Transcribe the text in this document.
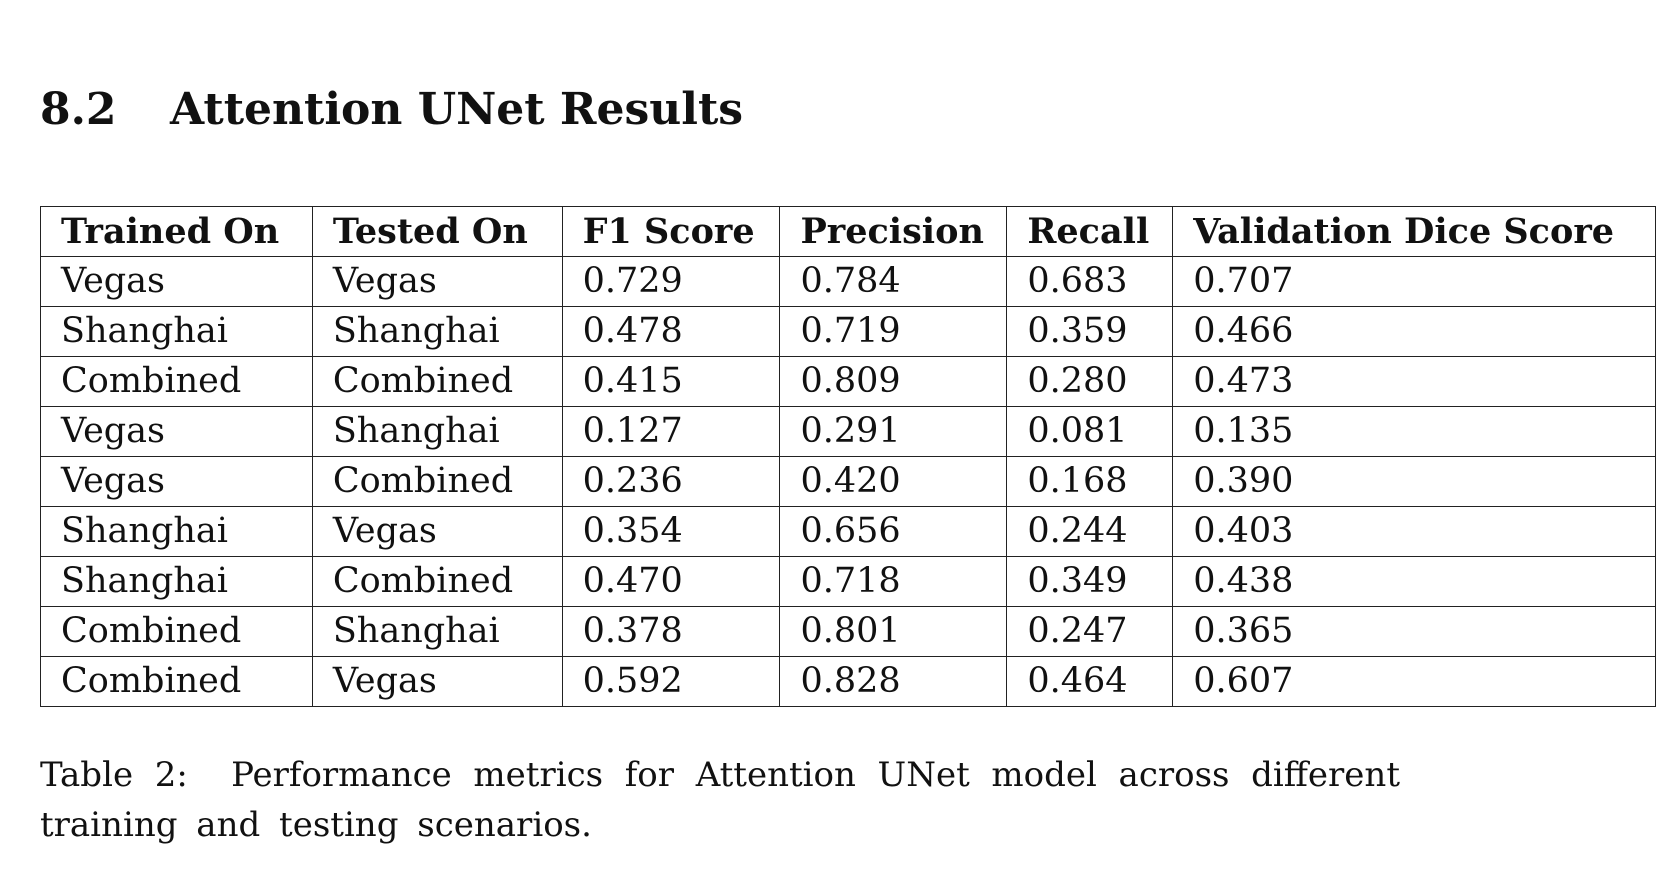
8.2 Attention UNet Results
Trained On	Tested On	F1 Score	Precision	Recall	Validation Dice Score
Vegas	Vegas	0.729	0.784	0.683	0.707
Shanghai	Shanghai	0.478	0.719	0.359	0.466
Combined	Combined	0.415	0.809	0.280	0.473
Vegas	Shanghai	0.127	0.291	0.081	0.135
Vegas	Combined	0.236	0.420	0.168	0.390
Shanghai	Vegas	0.354	0.656	0.244	0.403
Shanghai	Combined	0.470	0.718	0.349	0.438
Combined	Shanghai	0.378	0.801	0.247	0.365
Combined	Vegas	0.592	0.828	0.464	0.607

Table 2: Performance metrics for Attention UNet model across different training and testing scenarios.
